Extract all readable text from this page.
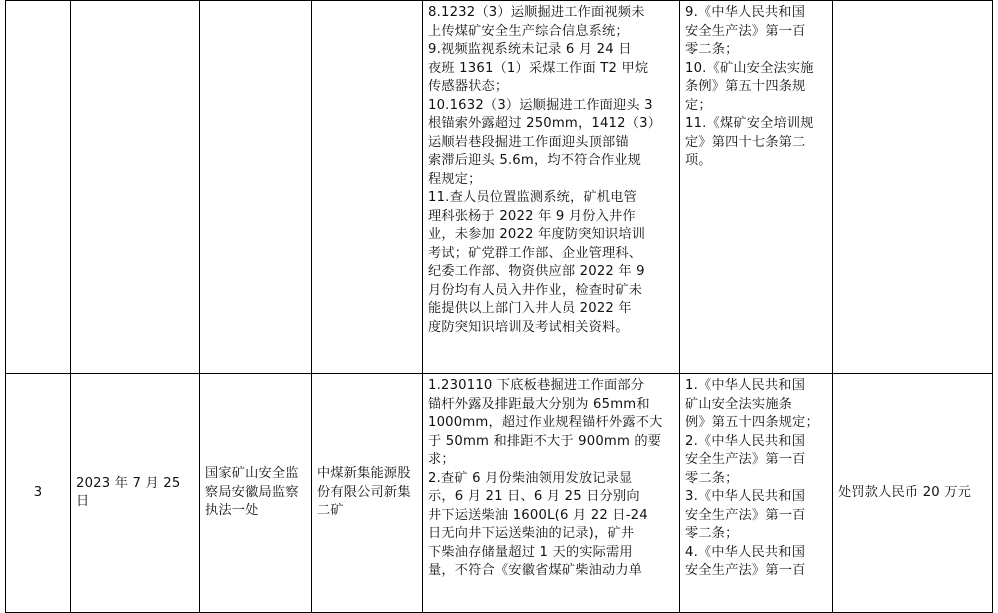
8.1232（3）运顺掘进工作面视频未
上传煤矿安全生产综合信息系统；
9.视频监视系统未记录 6 月 24 日
夜班 1361（1）采煤工作面 T2 甲烷
传感器状态；
10.1632（3）运顺掘进工作面迎头 3
根锚索外露超过 250mm，1412（3）
运顺岩巷段掘进工作面迎头顶部锚
索滞后迎头 5.6m，均不符合作业规
程规定；
11.查人员位置监测系统，矿机电管
理科张杨于 2022 年 9 月份入井作
业，未参加 2022 年度防突知识培训
考试；矿党群工作部、企业管理科、
纪委工作部、物资供应部 2022 年 9
月份均有人员入井作业，检查时矿未
能提供以上部门入井人员 2022 年
度防突知识培训及考试相关资料。
9.《中华人民共和国
安全生产法》第一百
零二条；
10.《矿山安全法实施
条例》第五十四条规
定；
11.《煤矿安全培训规
定》第四十七条第二
项。
3
2023 年 7 月 25 日
国家矿山安全监察局安徽局监察执法一处
中煤新集能源股份有限公司新集二矿
1.230110 下底板巷掘进工作面部分
锚杆外露及排距最大分别为 65mm和
1000mm，超过作业规程锚杆外露不大
于 50mm 和排距不大于 900mm 的要
求；
2.查矿 6 月份柴油领用发放记录显
示，6 月 21 日、6 月 25 日分别向
井下运送柴油 1600L(6 月 22 日-24
日无向井下运送柴油的记录)，矿井
下柴油存储量超过 1 天的实际需用
量，不符合《安徽省煤矿柴油动力单
1.《中华人民共和国
矿山安全法实施条
例》第五十四条规定；
2.《中华人民共和国
安全生产法》第一百
零二条；
3.《中华人民共和国
安全生产法》第一百
零二条；
4.《中华人民共和国
安全生产法》第一百
处罚款人民币 20 万元
